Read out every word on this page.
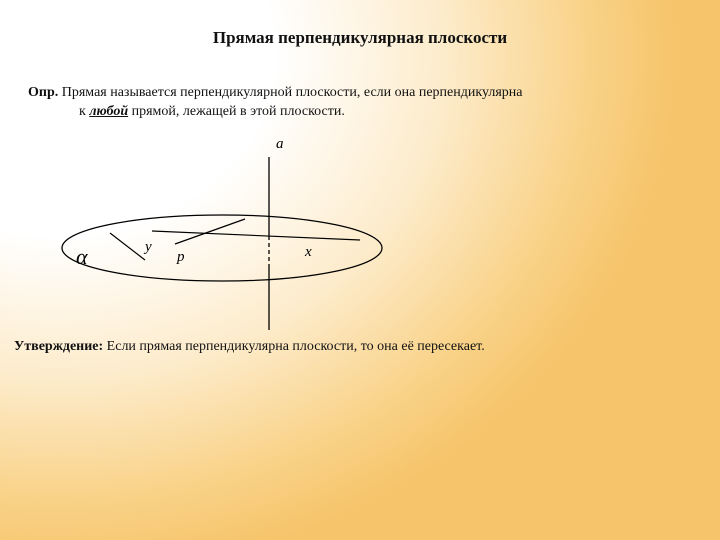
Прямая перпендикулярная плоскости
Опр. Прямая называется перпендикулярной плоскости, если она перпендикулярна
к любой прямой, лежащей в этой плоскости.
a
α	y
p	x
Утверждение: Если прямая перпендикулярна плоскости, то она её пересекает.
